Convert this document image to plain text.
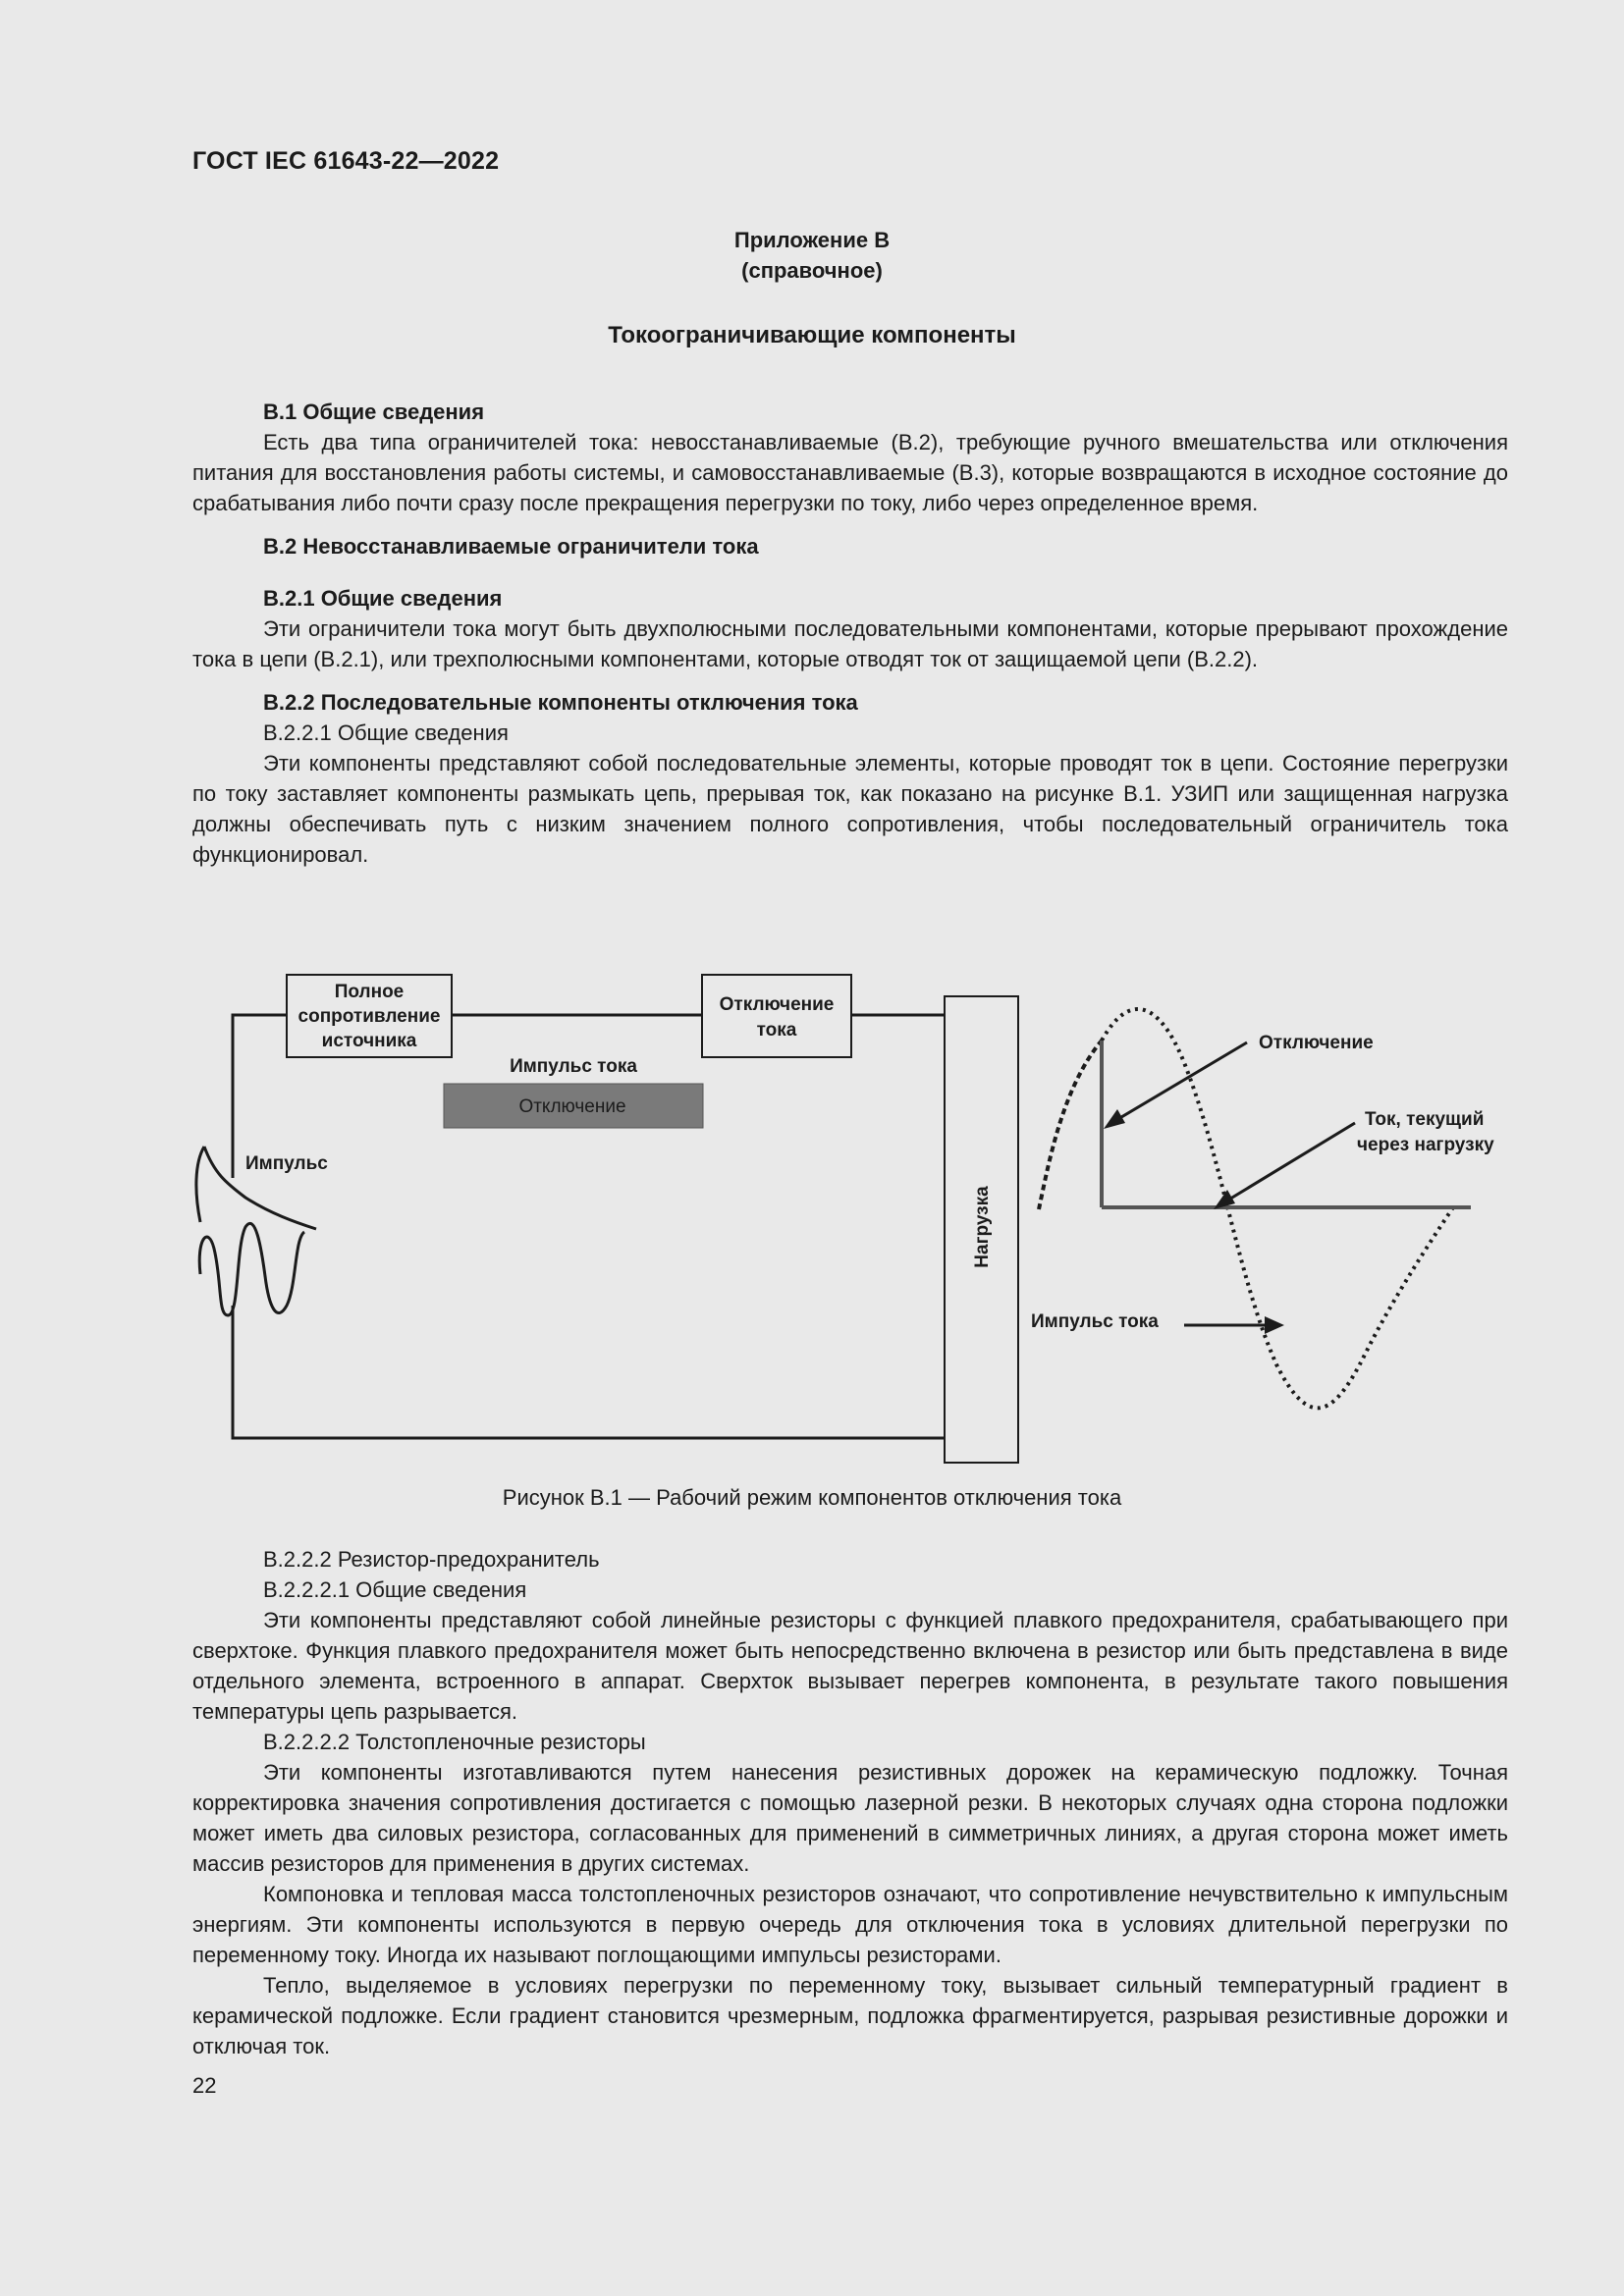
ГОСТ IEC 61643-22—2022
Приложение В
(справочное)
Токоограничивающие компоненты

В.1 Общие сведения

Есть два типа ограничителей тока: невосстанавливаемые (В.2), требующие ручного вмешательства или отключения питания для восстановления работы системы, и самовосстанавливаемые (В.3), которые возвращаются в исходное состояние до срабатывания либо почти сразу после прекращения перегрузки по току, либо через определенное время.

В.2 Невосстанавливаемые ограничители тока

В.2.1 Общие сведения

Эти ограничители тока могут быть двухполюсными последовательными компонентами, которые прерывают прохождение тока в цепи (В.2.1), или трехполюсными компонентами, которые отводят ток от защищаемой цепи (В.2.2).

В.2.2 Последовательные компоненты отключения тока

В.2.2.1 Общие сведения

Эти компоненты представляют собой последовательные элементы, которые проводят ток в цепи. Состояние перегрузки по току заставляет компоненты размыкать цепь, прерывая ток, как показано на рисунке В.1. УЗИП или защищенная нагрузка должны обеспечивать путь с низким значением полного сопротивления, чтобы последовательный ограничитель тока функционировал.

Полное
сопротивление
источника
Отключение
тока
Импульс тока
Отключение
Нагрузка
Импульс
Отключение
Ток, текущий
через нагрузку
Импульс тока
Рисунок В.1 — Рабочий режим компонентов отключения тока

В.2.2.2 Резистор-предохранитель

В.2.2.2.1 Общие сведения

Эти компоненты представляют собой линейные резисторы с функцией плавкого предохранителя, срабатывающего при сверхтоке. Функция плавкого предохранителя может быть непосредственно включена в резистор или быть представлена в виде отдельного элемента, встроенного в аппарат. Сверхток вызывает перегрев компонента, в результате такого повышения температуры цепь разрывается.

В.2.2.2.2 Толстопленочные резисторы

Эти компоненты изготавливаются путем нанесения резистивных дорожек на керамическую подложку. Точная корректировка значения сопротивления достигается с помощью лазерной резки. В некоторых случаях одна сторона подложки может иметь два силовых резистора, согласованных для применений в симметричных линиях, а другая сторона может иметь массив резисторов для применения в других системах.

Компоновка и тепловая масса толстопленочных резисторов означают, что сопротивление нечувствительно к импульсным энергиям. Эти компоненты используются в первую очередь для отключения тока в условиях длительной перегрузки по переменному току. Иногда их называют поглощающими импульсы резисторами.

Тепло, выделяемое в условиях перегрузки по переменному току, вызывает сильный температурный градиент в керамической подложке. Если градиент становится чрезмерным, подложка фрагментируется, разрывая резистивные дорожки и отключая ток.

22
